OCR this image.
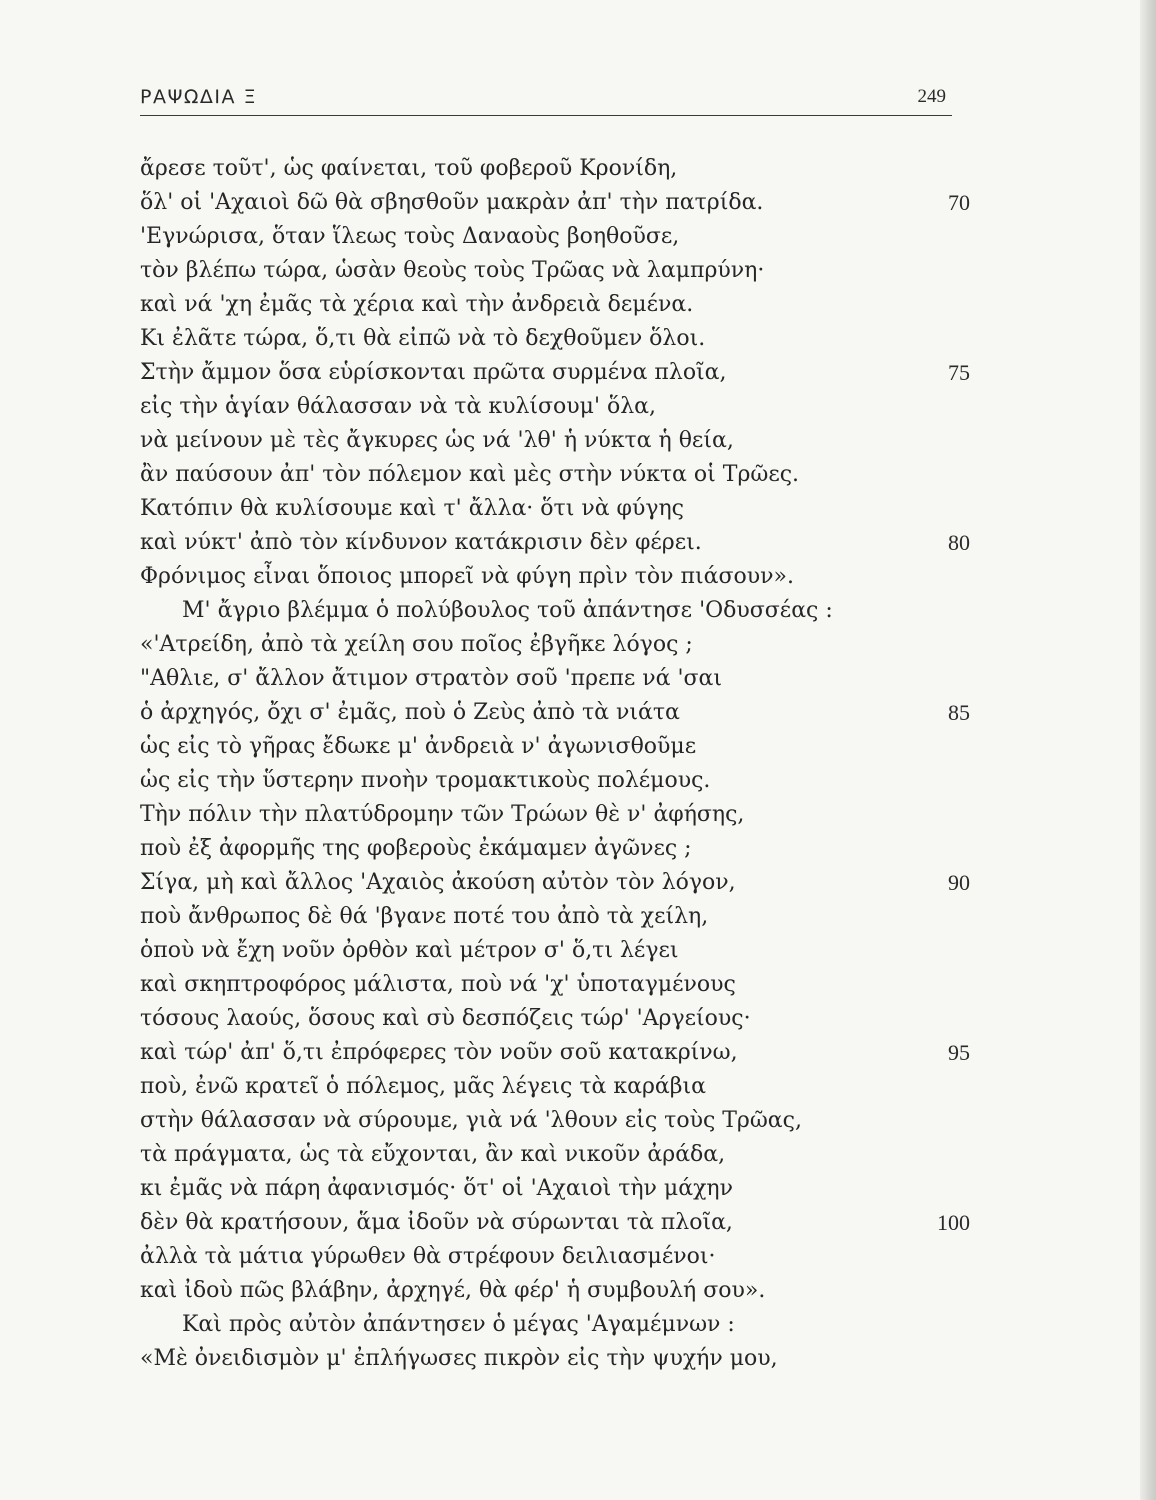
ΡΑΨΩΔΙΑ Ξ	249
ἄρεσε τοῦτ', ὡς φαίνεται, τοῦ φοβεροῦ Κρονίδη,
ὅλ' οἱ 'Αχαιοὶ δῶ θὰ σβησθοῦν μακρὰν ἀπ' τὴν πατρίδα.	70
'Εγνώρισα, ὅταν ἵλεως τοὺς Δαναοὺς βοηθοῦσε,
τὸν βλέπω τώρα, ὡσὰν θεοὺς τοὺς Τρῶας νὰ λαμπρύνη·
καὶ νά 'χη ἐμᾶς τὰ χέρια καὶ τὴν ἀνδρειὰ δεμένα.
Κι ἐλᾶτε τώρα, ὅ,τι θὰ εἰπῶ νὰ τὸ δεχθοῦμεν ὅλοι.
Στὴν ἄμμον ὅσα εὑρίσκονται πρῶτα συρμένα πλοῖα,	75
εἰς τὴν ἁγίαν θάλασσαν νὰ τὰ κυλίσουμ' ὅλα,
νὰ μείνουν μὲ τὲς ἄγκυρες ὡς νά 'λθ' ἡ νύκτα ἡ θεία,
ἂν παύσουν ἀπ' τὸν πόλεμον καὶ μὲς στὴν νύκτα οἱ Τρῶες.
Κατόπιν θὰ κυλίσουμε καὶ τ' ἄλλα· ὅτι νὰ φύγης
καὶ νύκτ' ἀπὸ τὸν κίνδυνον κατάκρισιν δὲν φέρει.	80
Φρόνιμος εἶναι ὅποιος μπορεῖ νὰ φύγη πρὶν τὸν πιάσουν».
Μ' ἄγριο βλέμμα ὁ πολύβουλος τοῦ ἀπάντησε 'Οδυσσέας :
«'Ατρείδη, ἀπὸ τὰ χείλη σου ποῖος ἐβγῆκε λόγος ;
"Αθλιε, σ' ἄλλον ἄτιμον στρατὸν σοῦ 'πρεπε νά 'σαι
ὁ ἀρχηγός, ὄχι σ' ἐμᾶς, ποὺ ὁ Ζεὺς ἀπὸ τὰ νιάτα	85
ὡς εἰς τὸ γῆρας ἔδωκε μ' ἀνδρειὰ ν' ἀγωνισθοῦμε
ὡς εἰς τὴν ὕστερην πνοὴν τρομακτικοὺς πολέμους.
Τὴν πόλιν τὴν πλατύδρομην τῶν Τρώων θὲ ν' ἀφήσης,
ποὺ ἐξ ἀφορμῆς της φοβεροὺς ἐκάμαμεν ἀγῶνες ;
Σίγα, μὴ καὶ ἄλλος 'Αχαιὸς ἀκούση αὐτὸν τὸν λόγον,	90
ποὺ ἄνθρωπος δὲ θά 'βγανε ποτέ του ἀπὸ τὰ χείλη,
ὁποὺ νὰ ἔχη νοῦν ὀρθὸν καὶ μέτρον σ' ὅ,τι λέγει
καὶ σκηπτροφόρος μάλιστα, ποὺ νά 'χ' ὑποταγμένους
τόσους λαούς, ὅσους καὶ σὺ δεσπόζεις τώρ' 'Αργείους·
καὶ τώρ' ἀπ' ὅ,τι ἐπρόφερες τὸν νοῦν σοῦ κατακρίνω,	95
ποὺ, ἐνῶ κρατεῖ ὁ πόλεμος, μᾶς λέγεις τὰ καράβια
στὴν θάλασσαν νὰ σύρουμε, γιὰ νά 'λθουν εἰς τοὺς Τρῶας,
τὰ πράγματα, ὡς τὰ εὔχονται, ἂν καὶ νικοῦν ἀράδα,
κι ἐμᾶς νὰ πάρη ἀφανισμός· ὅτ' οἱ 'Αχαιοὶ τὴν μάχην
δὲν θὰ κρατήσουν, ἅμα ἰδοῦν νὰ σύρωνται τὰ πλοῖα,	100
ἀλλὰ τὰ μάτια γύρωθεν θὰ στρέφουν δειλιασμένοι·
καὶ ἰδοὺ πῶς βλάβην, ἀρχηγέ, θὰ φέρ' ἡ συμβουλή σου».
Καὶ πρὸς αὐτὸν ἀπάντησεν ὁ μέγας 'Αγαμέμνων :
«Μὲ ὀνειδισμὸν μ' ἐπλήγωσες πικρὸν εἰς τὴν ψυχήν μου,
